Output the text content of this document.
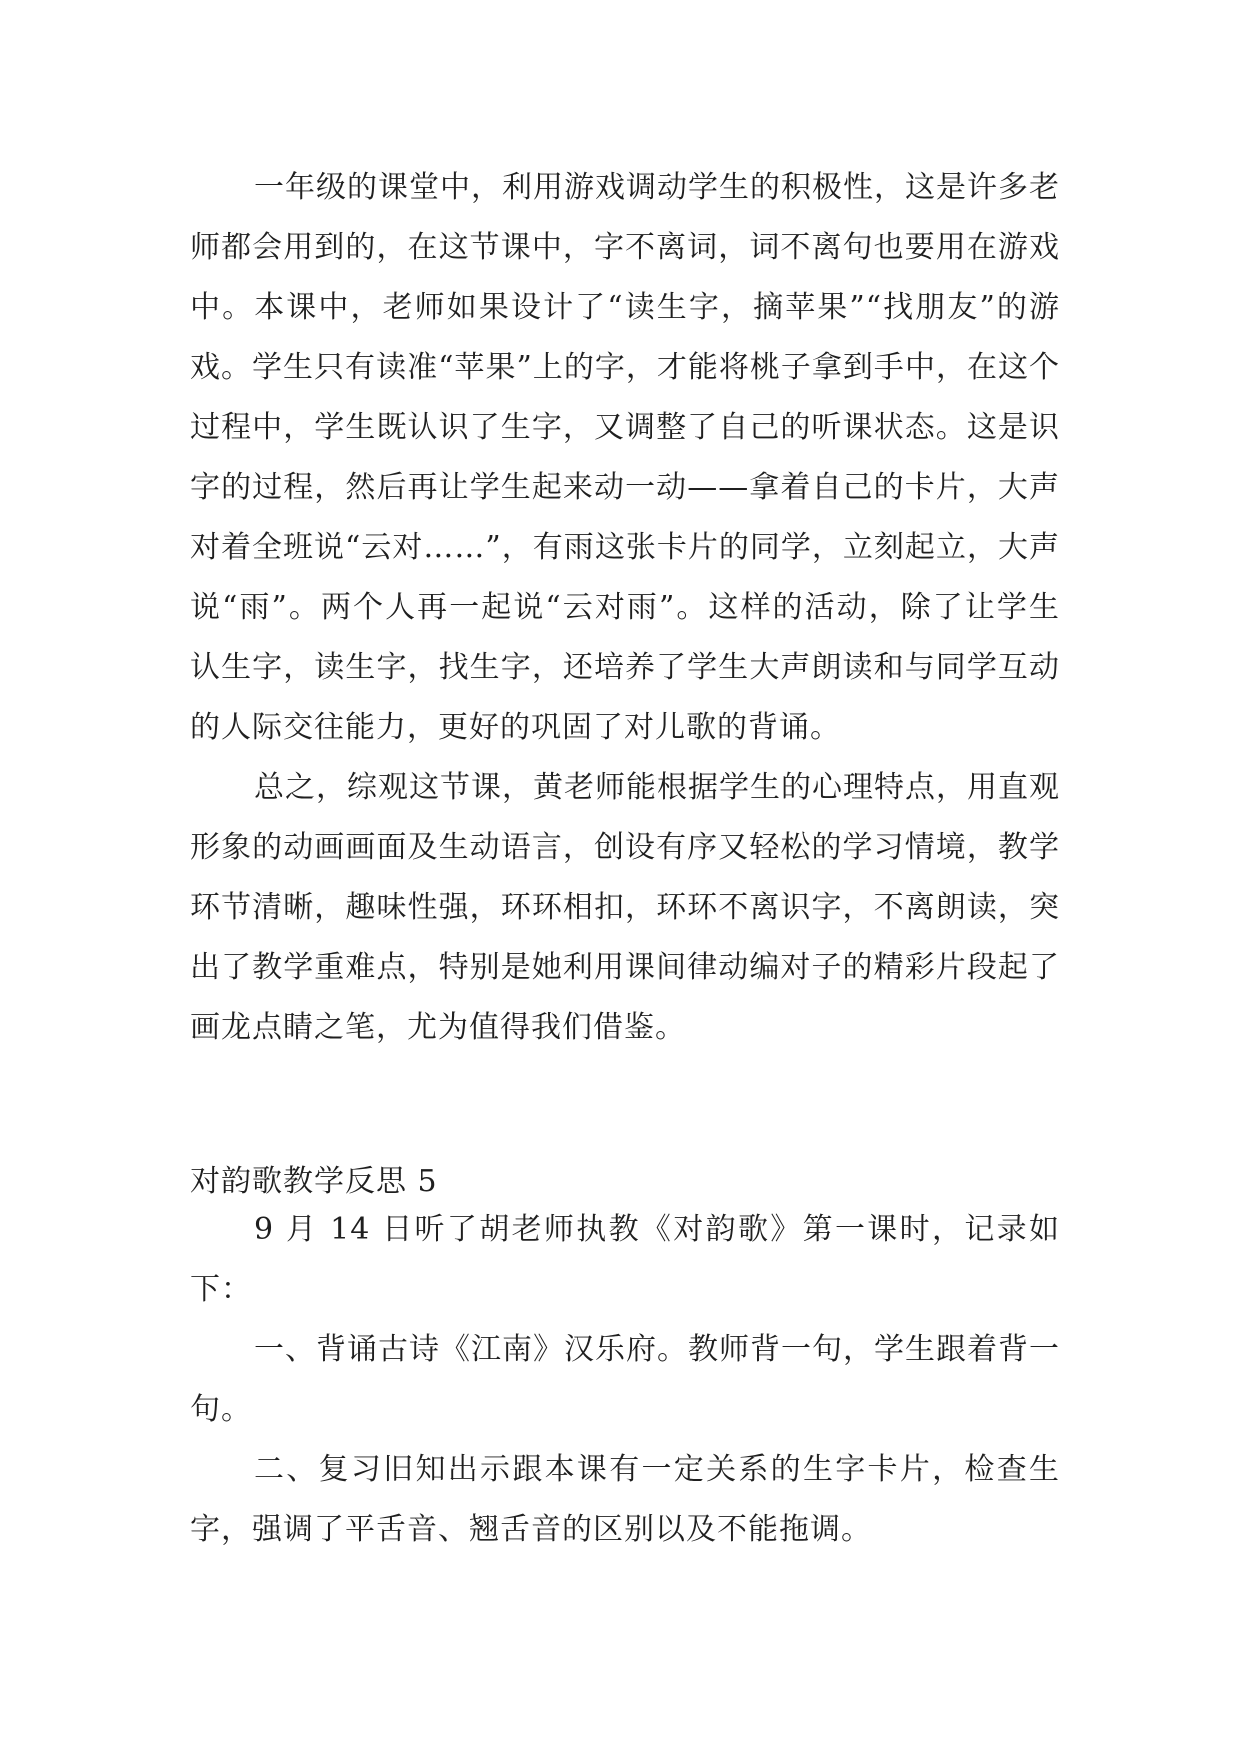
一年级的课堂中，利用游戏调动学生的积极性，这是许多老师都会用到的，在这节课中，字不离词，词不离句也要用在游戏中。本课中，老师如果设计了“读生字，摘苹果”“找朋友”的游戏。学生只有读准“苹果”上的字，才能将桃子拿到手中，在这个过程中，学生既认识了生字，又调整了自己的听课状态。这是识字的过程，然后再让学生起来动一动——拿着自己的卡片，大声对着全班说“云对……”，有雨这张卡片的同学，立刻起立，大声说“雨”。两个人再一起说“云对雨”。这样的活动，除了让学生认生字，读生字，找生字，还培养了学生大声朗读和与同学互动的人际交往能力，更好的巩固了对儿歌的背诵。

总之，综观这节课，黄老师能根据学生的心理特点，用直观形象的动画画面及生动语言，创设有序又轻松的学习情境，教学环节清晰，趣味性强，环环相扣，环环不离识字，不离朗读，突出了教学重难点，特别是她利用课间律动编对子的精彩片段起了画龙点睛之笔，尤为值得我们借鉴。

对韵歌教学反思 5

9 月 14 日听了胡老师执教《对韵歌》第一课时，记录如下：

一、背诵古诗《江南》汉乐府。教师背一句，学生跟着背一句。

二、复习旧知出示跟本课有一定关系的生字卡片，检查生字，强调了平舌音、翘舌音的区别以及不能拖调。
